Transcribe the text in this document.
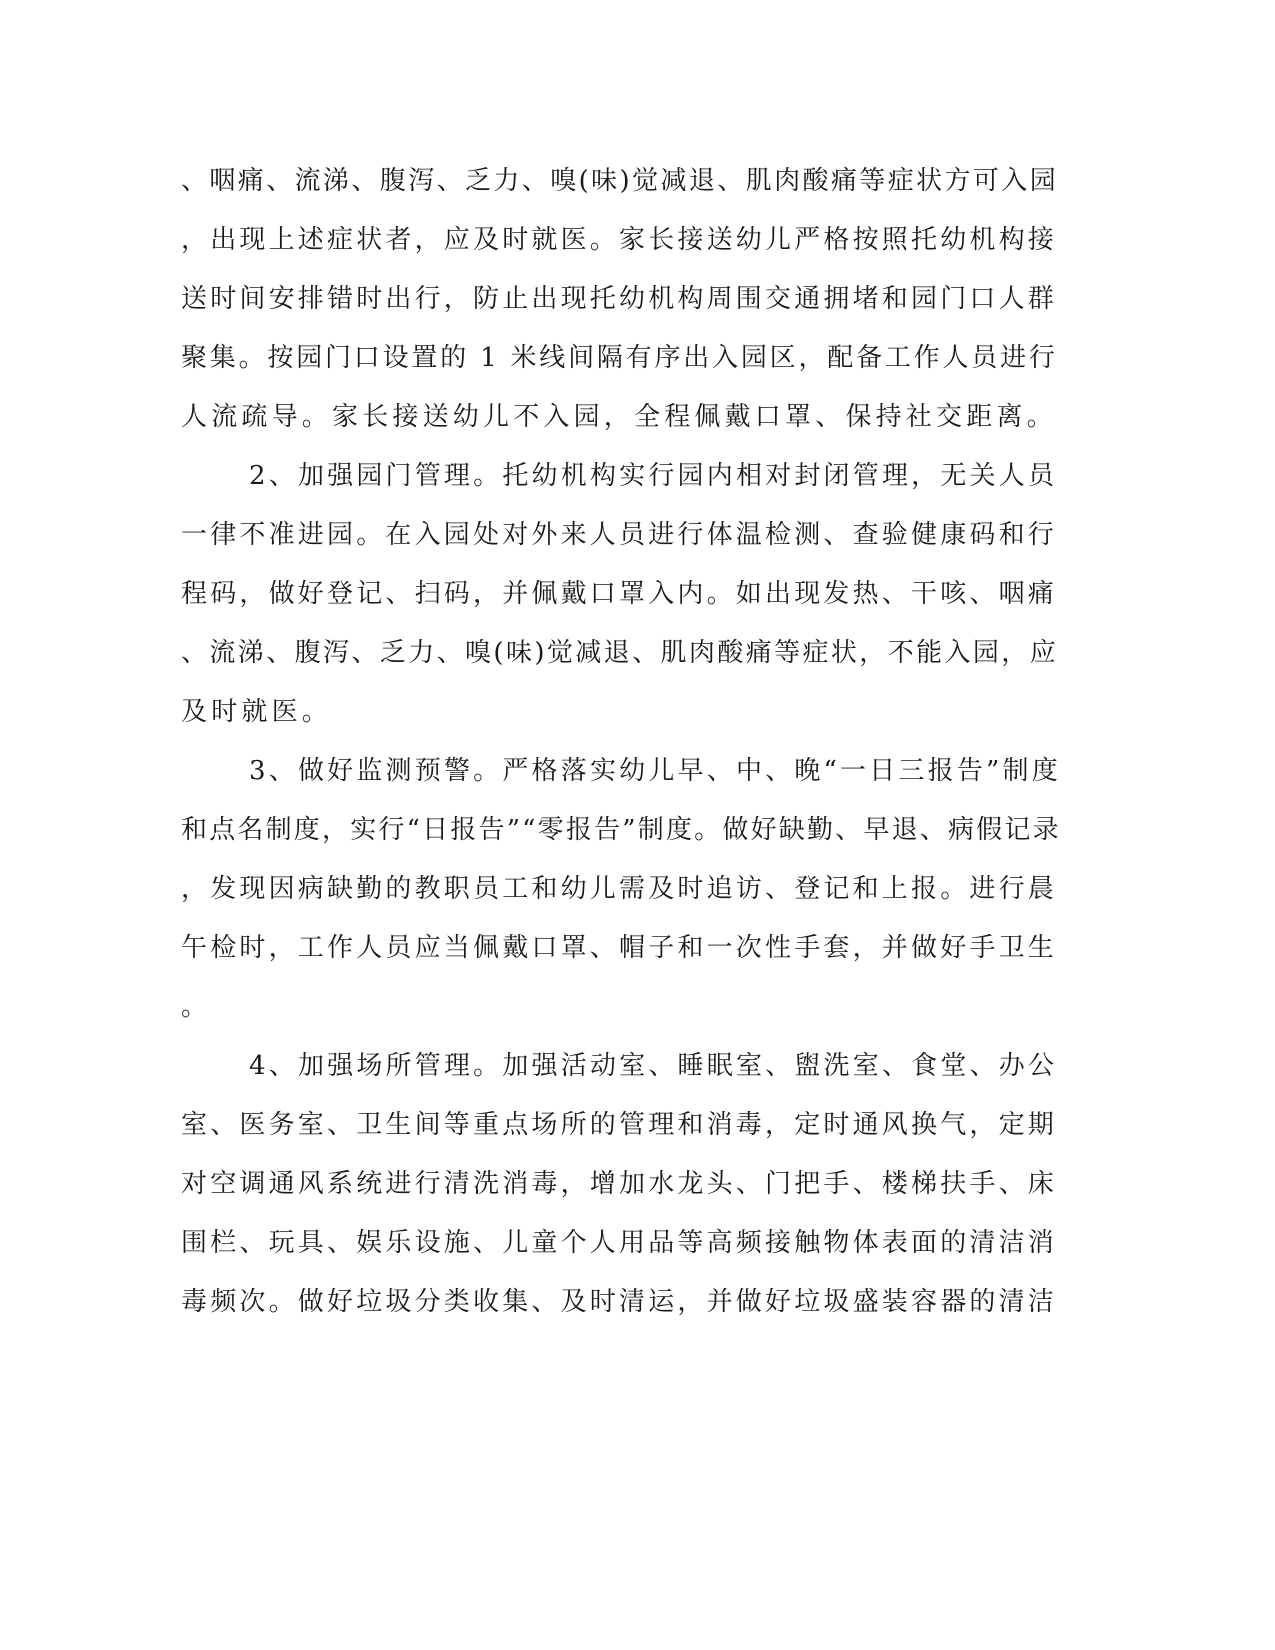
、咽痛、流涕、腹泻、乏力、嗅(味)觉减退、肌肉酸痛等症状方可入园
，出现上述症状者，应及时就医。家长接送幼儿严格按照托幼机构接
送时间安排错时出行，防止出现托幼机构周围交通拥堵和园门口人群
聚集。按园门口设置的 1 米线间隔有序出入园区，配备工作人员进行
人流疏导。家长接送幼儿不入园，全程佩戴口罩、保持社交距离。
2、加强园门管理。托幼机构实行园内相对封闭管理，无关人员
一律不准进园。在入园处对外来人员进行体温检测、查验健康码和行
程码，做好登记、扫码，并佩戴口罩入内。如出现发热、干咳、咽痛
、流涕、腹泻、乏力、嗅(味)觉减退、肌肉酸痛等症状，不能入园，应
及时就医。
3、做好监测预警。严格落实幼儿早、中、晚“一日三报告”制度
和点名制度，实行“日报告”“零报告”制度。做好缺勤、早退、病假记录
，发现因病缺勤的教职员工和幼儿需及时追访、登记和上报。进行晨
午检时，工作人员应当佩戴口罩、帽子和一次性手套，并做好手卫生
。
4、加强场所管理。加强活动室、睡眠室、盥洗室、食堂、办公
室、医务室、卫生间等重点场所的管理和消毒，定时通风换气，定期
对空调通风系统进行清洗消毒，增加水龙头、门把手、楼梯扶手、床
围栏、玩具、娱乐设施、儿童个人用品等高频接触物体表面的清洁消
毒频次。做好垃圾分类收集、及时清运，并做好垃圾盛装容器的清洁
